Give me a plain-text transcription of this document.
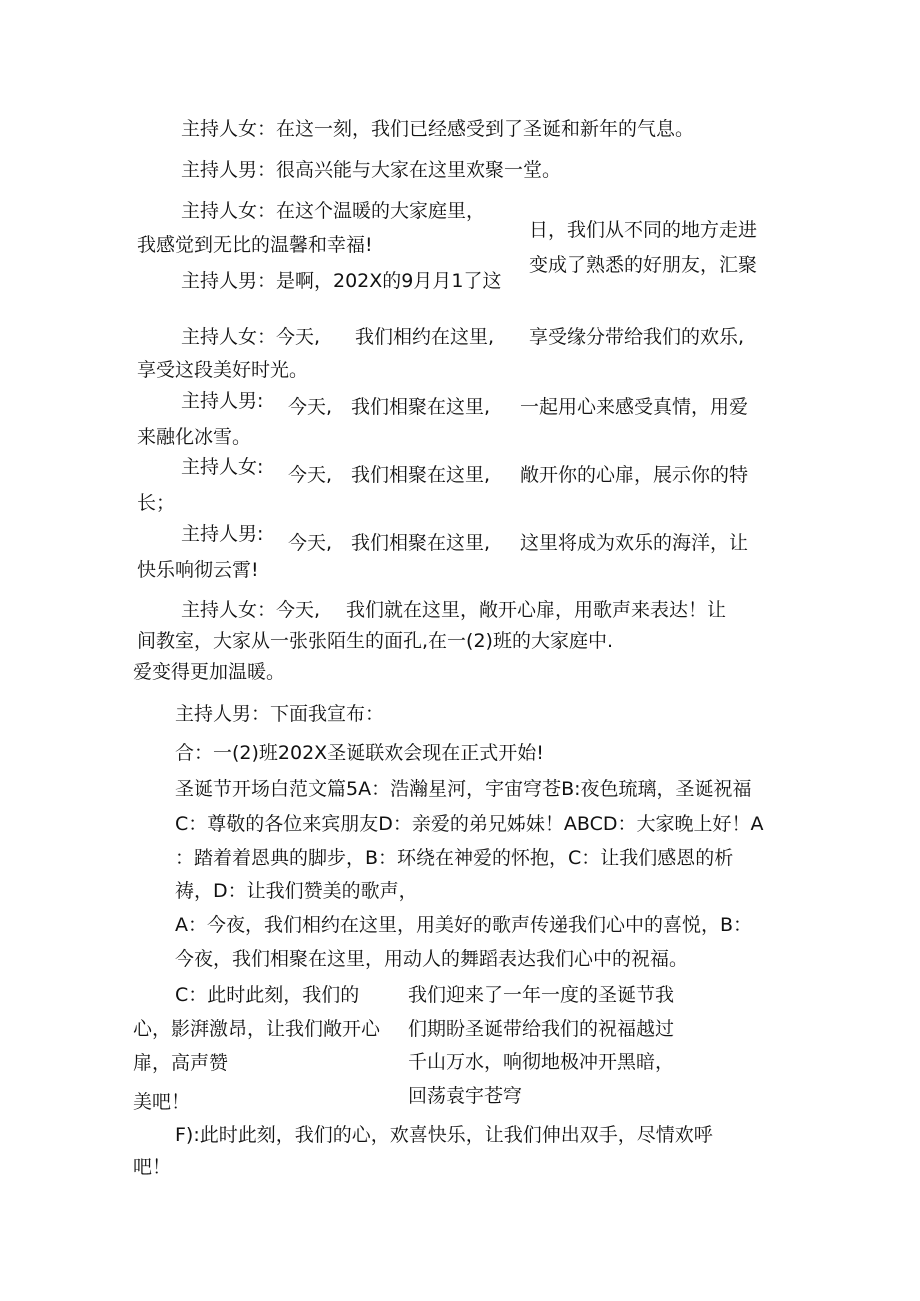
主持人女：在这一刻，我们已经感受到了圣诞和新年的气息。
主持人男：很高兴能与大家在这里欢聚一堂。
主持人女：在这个温暖的大家庭里，
我感觉到无比的温馨和幸福!
日，我们从不同的地方走进
变成了熟悉的好朋友，汇聚
主持人男：是啊，202X的9月月1了这
主持人女：今天, 我们相约在这里, 享受缘分带给我们的欢乐,
享受这段美好时光。
主持人男: 今天, 我们相聚在这里, 一起用心来感受真情，用爱
来融化冰雪。
主持人女: 今天, 我们相聚在这里, 敞开你的心扉，展示你的特
长；
主持人男: 今天, 我们相聚在这里, 这里将成为欢乐的海洋，让
快乐响彻云霄!
主持人女：今天, 我们就在这里，敞开心扉，用歌声来表达！让
间教室，大家从一张张陌生的面孔,在一(2)班的大家庭中.
爱变得更加温暖。
主持人男：下面我宣布：
合：一(2)班202X圣诞联欢会现在正式开始!
圣诞节开场白范文篇5A：浩瀚星河，宇宙穹苍B:夜色琉璃，圣诞祝福
C：尊敬的各位来宾朋友D：亲爱的弟兄姊妹！ABCD：大家晚上好！A
：踏着着恩典的脚步，B：环绕在神爱的怀抱，C：让我们感恩的析
祷，D：让我们赞美的歌声，
A：今夜，我们相约在这里，用美好的歌声传递我们心中的喜悦，B：
今夜，我们相聚在这里，用动人的舞蹈表达我们心中的祝福。
C：此时此刻，我们的
心，影湃激昂，让我们敞开心
扉，高声赞
美吧！
我们迎来了一年一度的圣诞节我
们期盼圣诞带给我们的祝福越过
千山万水，响彻地极冲开黑暗，
回荡袁宇苍穹
F):此时此刻，我们的心，欢喜快乐，让我们伸出双手，尽情欢呼
吧！
